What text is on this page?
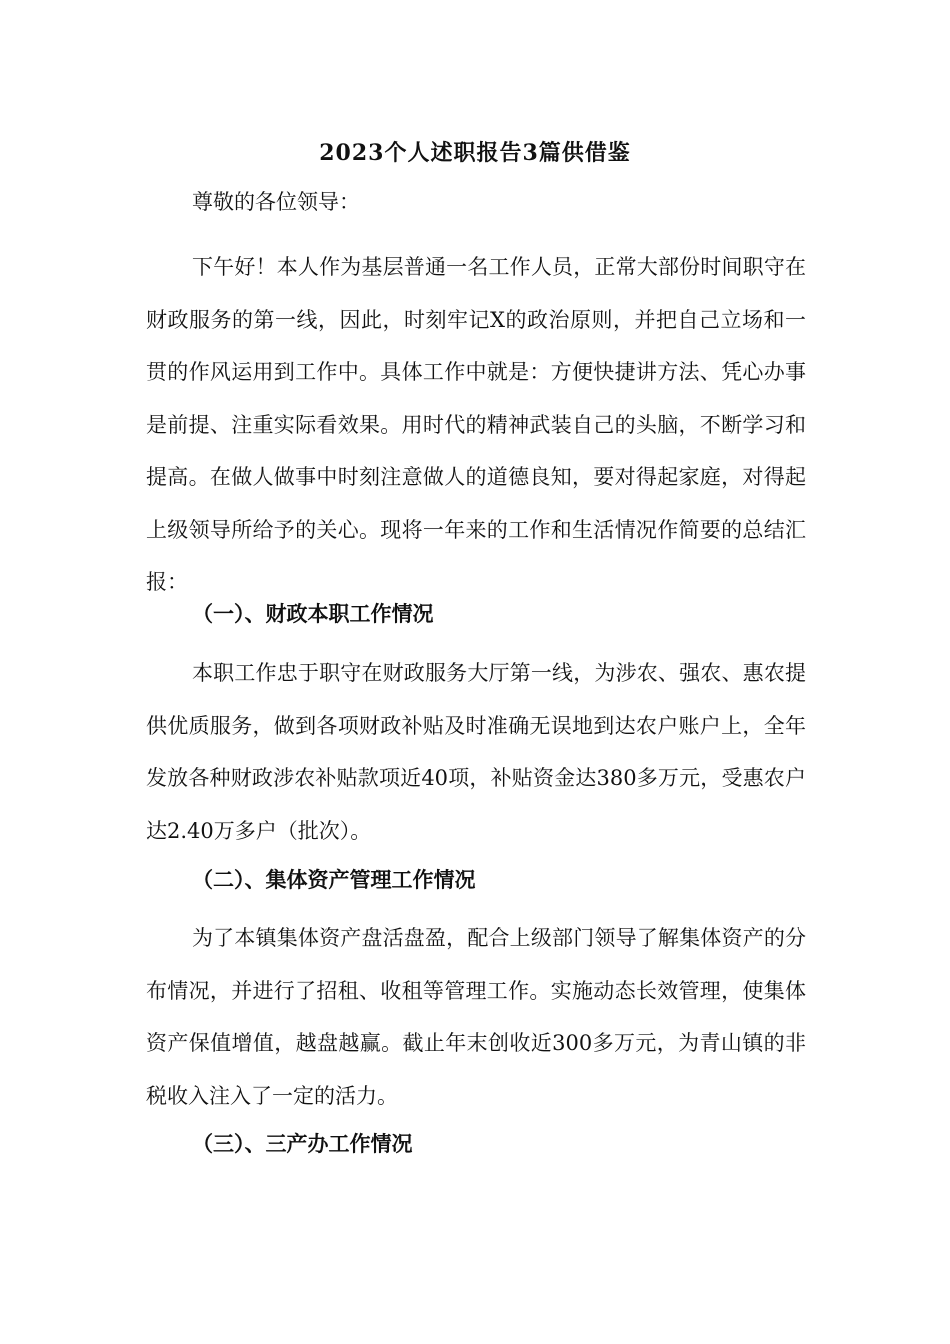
2023个人述职报告3篇供借鉴
尊敬的各位领导：
下午好！本人作为基层普通一名工作人员，正常大部份时间职守在财政服务的第一线，因此，时刻牢记X的政治原则，并把自己立场和一贯的作风运用到工作中。具体工作中就是：方便快捷讲方法、凭心办事是前提、注重实际看效果。用时代的精神武装自己的头脑，不断学习和提高。在做人做事中时刻注意做人的道德良知，要对得起家庭，对得起上级领导所给予的关心。现将一年来的工作和生活情况作简要的总结汇报：
（一）、财政本职工作情况
本职工作忠于职守在财政服务大厅第一线，为涉农、强农、惠农提供优质服务，做到各项财政补贴及时准确无误地到达农户账户上，全年发放各种财政涉农补贴款项近40项，补贴资金达380多万元，受惠农户达2.40万多户（批次）。
（二）、集体资产管理工作情况
为了本镇集体资产盘活盘盈，配合上级部门领导了解集体资产的分布情况，并进行了招租、收租等管理工作。实施动态长效管理，使集体资产保值增值，越盘越赢。截止年末创收近300多万元，为青山镇的非税收入注入了一定的活力。
（三）、三产办工作情况
